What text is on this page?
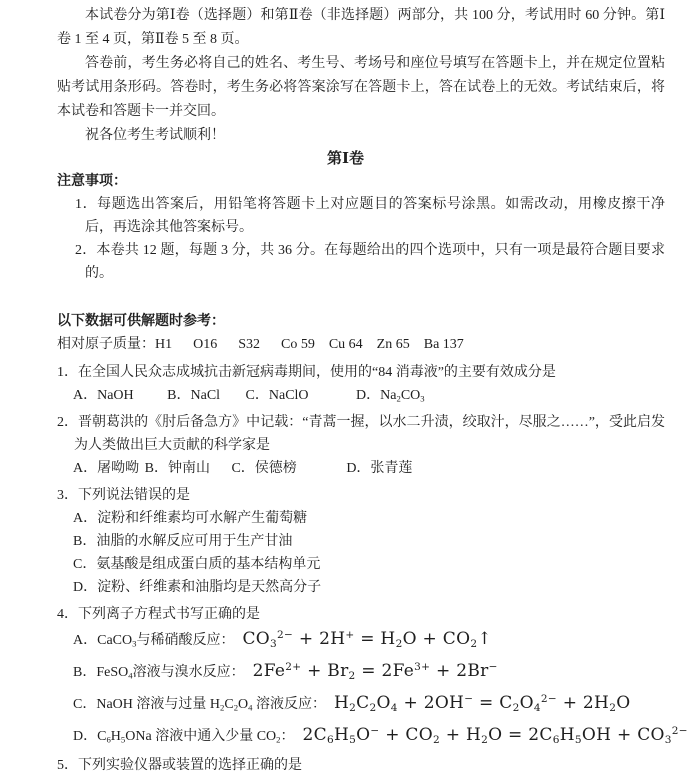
本试卷分为第Ⅰ卷（选择题）和第Ⅱ卷（非选择题）两部分，共 100 分，考试用时 60 分钟。第Ⅰ卷 1 至 4 页，第Ⅱ卷 5 至 8 页。

答卷前，考生务必将自己的姓名、考生号、考场号和座位号填写在答题卡上，并在规定位置粘贴考试用条形码。答卷时，考生务必将答案涂写在答题卡上，答在试卷上的无效。考试结束后，将本试卷和答题卡一并交回。

祝各位考生考试顺利！

第Ⅰ卷
注意事项：
1．每题选出答案后，用铅笔将答题卡上对应题目的答案标号涂黑。如需改动，用橡皮擦干净后，再选涂其他答案标号。
2．本卷共 12 题，每题 3 分，共 36 分。在每题给出的四个选项中，只有一项是最符合题目要求的。
以下数据可供解题时参考：
相对原子质量：H1      O16      S32      Co 59    Cu 64    Zn 65    Ba 137

1．在全国人民众志成城抗击新冠病毒期间，使用的“84 消毒液”的主要有效成分是

A．NaOH B．NaCl C．NaClO	D．$Na_2CO_3$

2．晋朝葛洪的《肘后备急方》中记载：“青蒿一握，以水二升渍，绞取汁，尽服之……”，受此启发为人类做出巨大贡献的科学家是

A．屠呦呦 B．钟南山 C．侯德榜	D．张青莲

3．下列说法错误的是

A．淀粉和纤维素均可水解产生葡萄糖
B．油脂的水解反应可用于生产甘油
C．氨基酸是组成蛋白质的基本结构单元
D．淀粉、纤维素和油脂均是天然高分子

4．下列离子方程式书写正确的是

A．CaCO$_3$与稀硝酸反应： $CO_3^{2-} + 2H^+ = H_2O$ + $CO_2↑$
B．FeSO$_4$溶液与溴水反应： $2Fe^{2+} + Br_2 = 2Fe^{3+} + 2Br^-$
C．NaOH 溶液与过量 $H_2C_2O_4$ 溶液反应： $H_2C_2O_4 + 2OH^- = C_2O_4^{2-} + 2H_2O$
D．$C_6H_5ONa$ 溶液中通入少量 $CO_2$： $2C_6H_5O^- + CO_2 + H_2O = 2C_6H_5OH + CO_3^{2-}$

5．下列实验仪器或装置的选择正确的是
